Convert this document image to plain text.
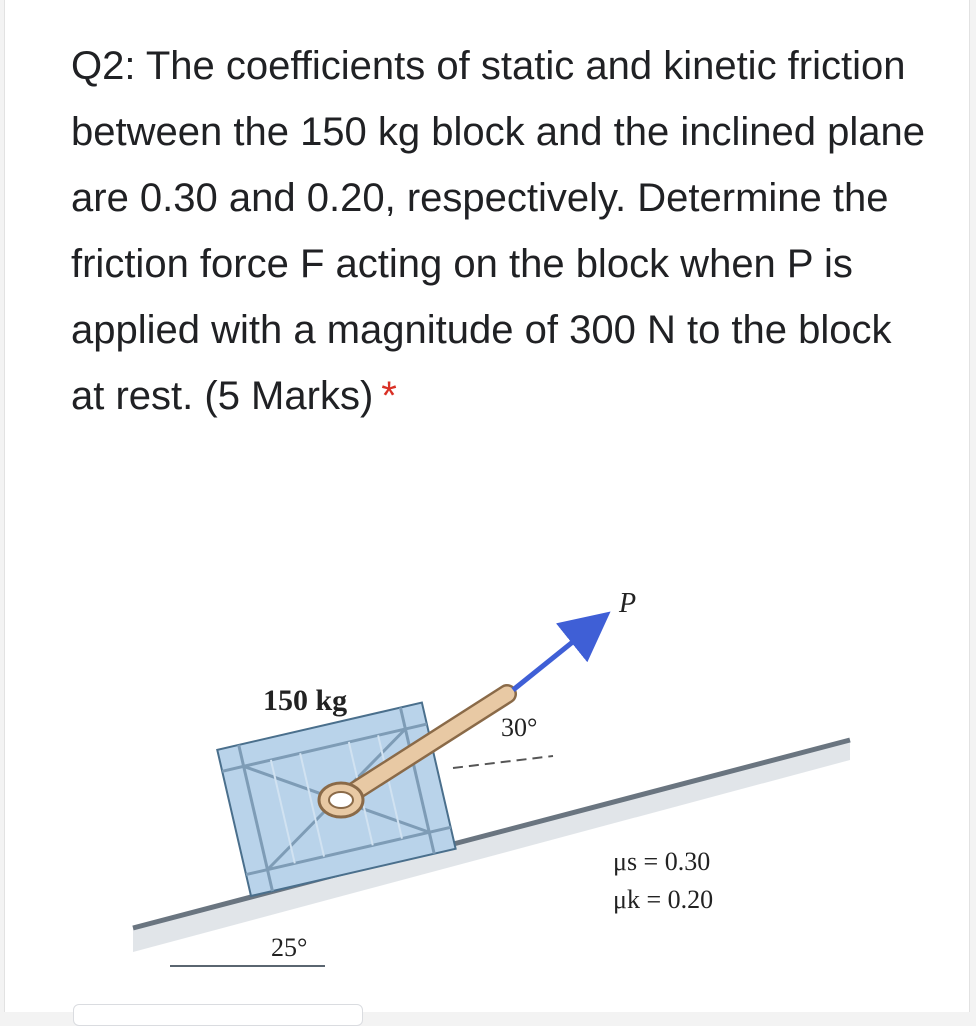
Q2: The coefficients of static and kinetic friction between the 150 kg block and the inclined plane are 0.30 and 0.20, respectively. Determine the friction force F acting on the block when P is applied with a magnitude of 300 N to the block at rest. (5 Marks) *

P
30°
150 kg
25°
μs = 0.30
μk = 0.20
